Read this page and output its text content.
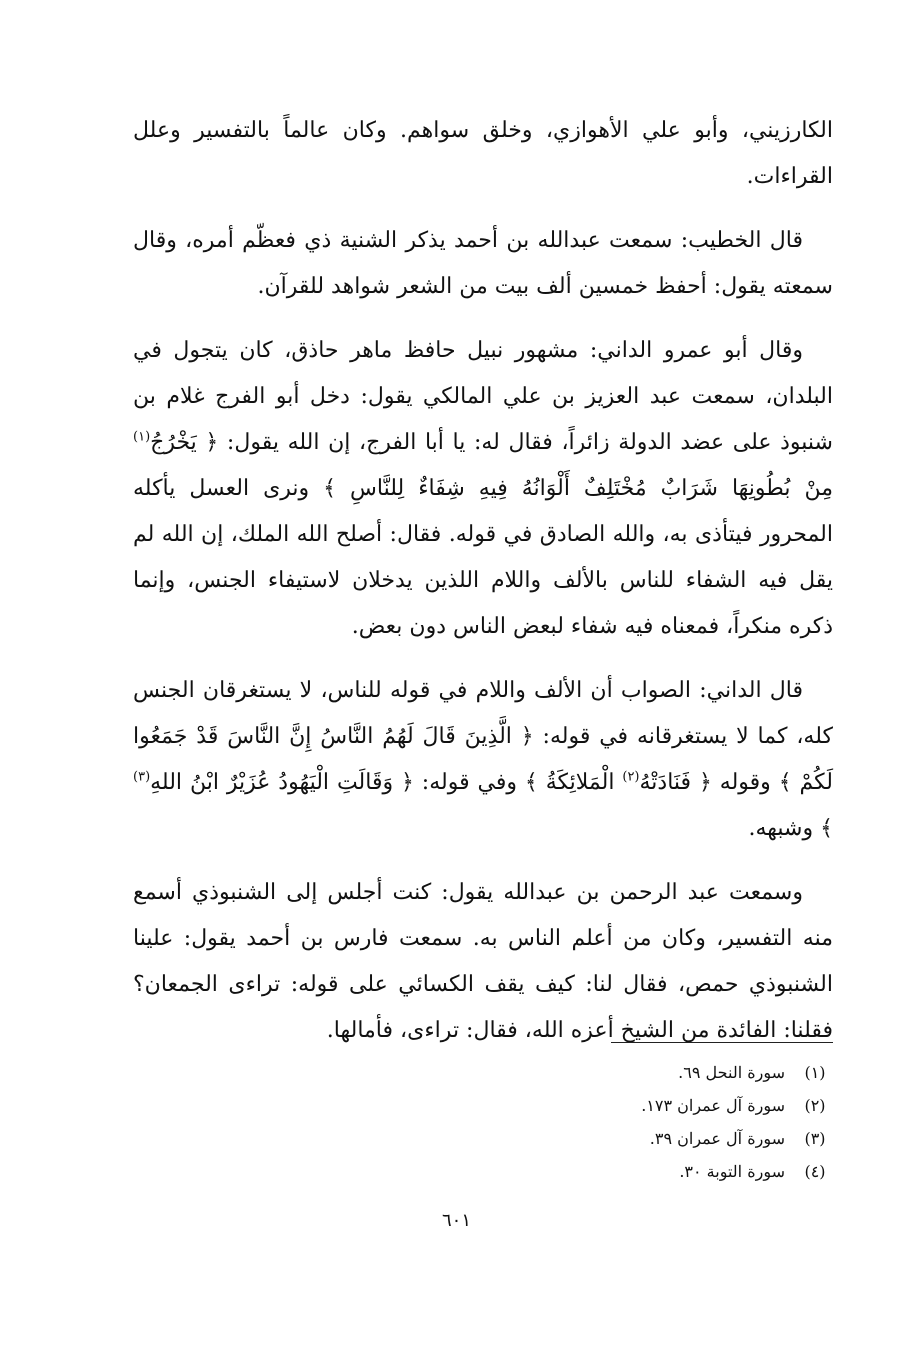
الكارزيني، وأبو علي الأهوازي، وخلق سواهم. وكان عالماً بالتفسير وعلل القراءات.

قال الخطيب: سمعت عبدالله بن أحمد يذكر الشنية ذي فعظّم أمره، وقال سمعته يقول: أحفظ خمسين ألف بيت من الشعر شواهد للقرآن.

وقال أبو عمرو الداني: مشهور نبيل حافظ ماهر حاذق، كان يتجول في البلدان، سمعت عبد العزيز بن علي المالكي يقول: دخل أبو الفرج غلام بن شنبوذ على عضد الدولة زائراً، فقال له: يا أبا الفرج، إن الله يقول: ﴿ يَخْرُجُ$^{(١)}$ مِنْ بُطُونِهَا شَرَابٌ مُخْتَلِفٌ أَلْوَانُهُ فِيهِ شِفَاءٌ لِلنَّاسِ ﴾ ونرى العسل يأكله المحرور فيتأذى به، والله الصادق في قوله. فقال: أصلح الله الملك، إن الله لم يقل فيه الشفاء للناس بالألف واللام اللذين يدخلان لاستيفاء الجنس، وإنما ذكره منكراً، فمعناه فيه شفاء لبعض الناس دون بعض.

قال الداني: الصواب أن الألف واللام في قوله للناس، لا يستغرقان الجنس كله، كما لا يستغرقانه في قوله: ﴿ الَّذِينَ قَالَ لَهُمُ النَّاسُ إِنَّ النَّاسَ قَدْ جَمَعُوا لَكُمْ ﴾ وقوله ﴿ فَنَادَتْهُ$^{(٢)}$ الْمَلائِكَةُ ﴾ وفي قوله: ﴿ وَقَالَتِ الْيَهُودُ عُزَيْرٌ ابْنُ اللهِ$^{(٣)}$ ﴾ وشبهه.

وسمعت عبد الرحمن بن عبدالله يقول: كنت أجلس إلى الشنبوذي أسمع منه التفسير، وكان من أعلم الناس به. سمعت فارس بن أحمد يقول: علينا الشنبوذي حمص، فقال لنا: كيف يقف الكسائي على قوله: تراءى الجمعان؟ فقلنا: الفائدة من الشيخ أعزه الله، فقال: تراءى، فأمالها.

(١)
سورة النحل ٦٩.
(٢)
سورة آل عمران ١٧٣.
(٣)
سورة آل عمران ٣٩.
(٤)
سورة التوبة ٣٠.
٦٠١
